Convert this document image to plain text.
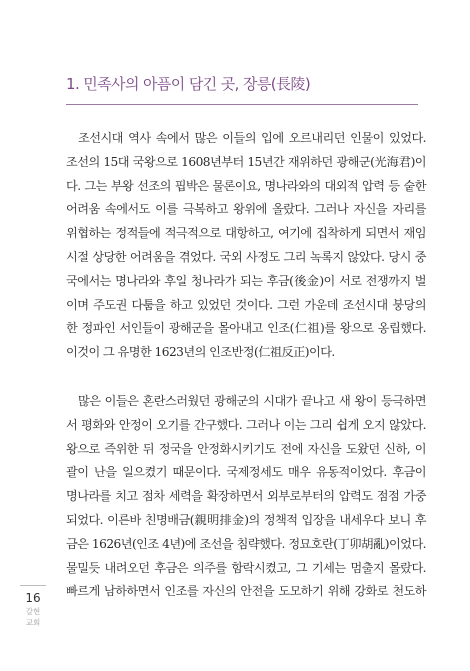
1. 민족사의 아픔이 담긴 곳, 장릉(長陵)

조선시대 역사 속에서 많은 이들의 입에 오르내리던 인물이 있었다.
조선의 15대 국왕으로 1608년부터 15년간 재위하던 광해군(光海君)이
다. 그는 부왕 선조의 핍박은 물론이요, 명나라와의 대외적 압력 등 숱한
어려움 속에서도 이를 극복하고 왕위에 올랐다. 그러나 자신을 자리를
위협하는 정적들에 적극적으로 대항하고, 여기에 집착하게 되면서 재임
시절 상당한 어려움을 겪었다. 국외 사정도 그리 녹록지 않았다. 당시 중
국에서는 명나라와 후일 청나라가 되는 후금(後金)이 서로 전쟁까지 벌
이며 주도권 다툼을 하고 있었던 것이다. 그런 가운데 조선시대 붕당의
한 정파인 서인들이 광해군을 몰아내고 인조(仁祖)를 왕으로 옹립했다.
이것이 그 유명한 1623년의 인조반정(仁祖反正)이다.

많은 이들은 혼란스러웠던 광해군의 시대가 끝나고 새 왕이 등극하면
서 평화와 안정이 오기를 간구했다. 그러나 이는 그리 쉽게 오지 않았다.
왕으로 즉위한 뒤 정국을 안정화시키기도 전에 자신을 도왔던 신하, 이
괄이 난을 일으켰기 때문이다. 국제정세도 매우 유동적이었다. 후금이
명나라를 치고 점차 세력을 확장하면서 외부로부터의 압력도 점점 가중
되었다. 이른바 친명배금(親明排金)의 정책적 입장을 내세우다 보니 후
금은 1626년(인조 4년)에 조선을 침략했다. 정묘호란(丁卯胡亂)이었다.
물밀듯 내려오던 후금은 의주를 함락시켰고, 그 기세는 멈출지 몰랐다.
빠르게 남하하면서 인조를 자신의 안전을 도모하기 위해 강화로 천도하

16
갈현
교회
